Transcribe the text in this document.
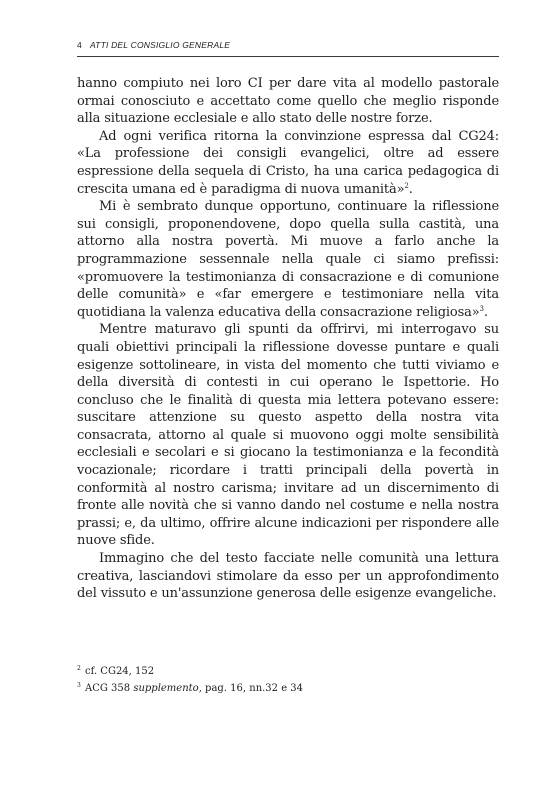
4 ATTI DEL CONSIGLIO GENERALE

hanno compiuto nei loro CI per dare vita al modello pastorale ormai conosciuto e accettato come quello che meglio risponde alla situazione ecclesiale e allo stato delle nostre forze.

Ad ogni verifica ritorna la convinzione espressa dal CG24: «La professione dei consigli evangelici, oltre ad essere espressione della sequela di Cristo, ha una carica pedagogica di crescita umana ed è paradigma di nuova umanità»$^2$.

Mi è sembrato dunque opportuno, continuare la riflessione sui consigli, proponendovene, dopo quella sulla castità, una attorno alla nostra povertà. Mi muove a farlo anche la programmazione sessennale nella quale ci siamo prefissi: «promuovere la testimonianza di consacrazione e di comunione delle comunità» e «far emergere e testimoniare nella vita quotidiana la valenza educativa della consacrazione religiosa»$^3$.

Mentre maturavo gli spunti da offrirvi, mi interrogavo su quali obiettivi principali la riflessione dovesse puntare e quali esigenze sottolineare, in vista del momento che tutti viviamo e della diversità di contesti in cui operano le Ispettorie. Ho concluso che le finalità di questa mia lettera potevano essere: suscitare attenzione su questo aspetto della nostra vita consacrata, attorno al quale si muovono oggi molte sensibilità ecclesiali e secolari e si giocano la testimonianza e la fecondità vocazionale; ricordare i tratti principali della povertà in conformità al nostro carisma; invitare ad un discernimento di fronte alle novità che si vanno dando nel costume e nella nostra prassi; e, da ultimo, offrire alcune indicazioni per rispondere alle nuove sfide.

Immagino che del testo facciate nelle comunità una lettura creativa, lasciandovi stimolare da esso per un approfondimento del vissuto e un'assunzione generosa delle esigenze evangeliche.

2 cf. CG24, 152
3 ACG 358 supplemento, pag. 16, nn.32 e 34
